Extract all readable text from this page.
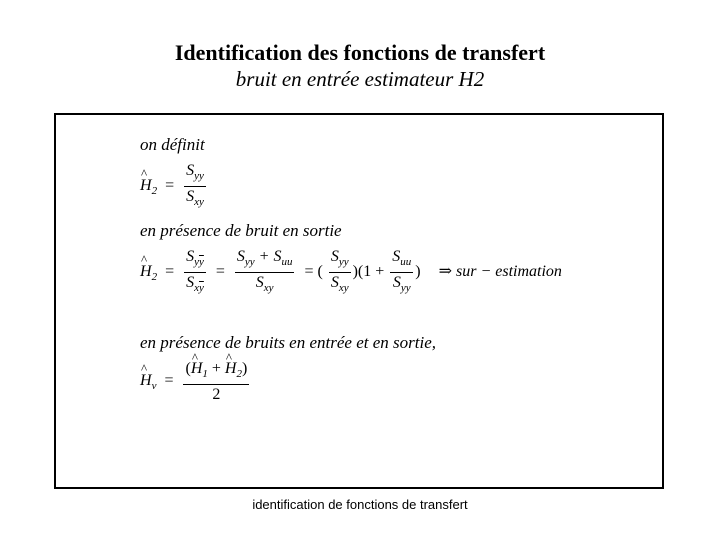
Identification des fonctions de transfert
bruit en entrée estimateur H2
on définit
^ $H_2 = \frac{S_{yy}}{S_{xy}}$
en présence de bruit en sortie
^ $H_2 = \frac{S_{y\overline{y}}}{S_{x\overline{y}}} = \frac{S_{yy} + S_{uu}}{S_{xy}}$ = ( $\frac{S_{yy}}{S_{xy}} )(1 + \frac{S_{uu}}{S_{yy}}$ ) ⇒ sur − estimation
en présence de bruits en entrée et en sortie,
^ $H_v = \frac{(\^{} H_1 + \^{} H_2)}{2}$
identification de fonctions de transfert
